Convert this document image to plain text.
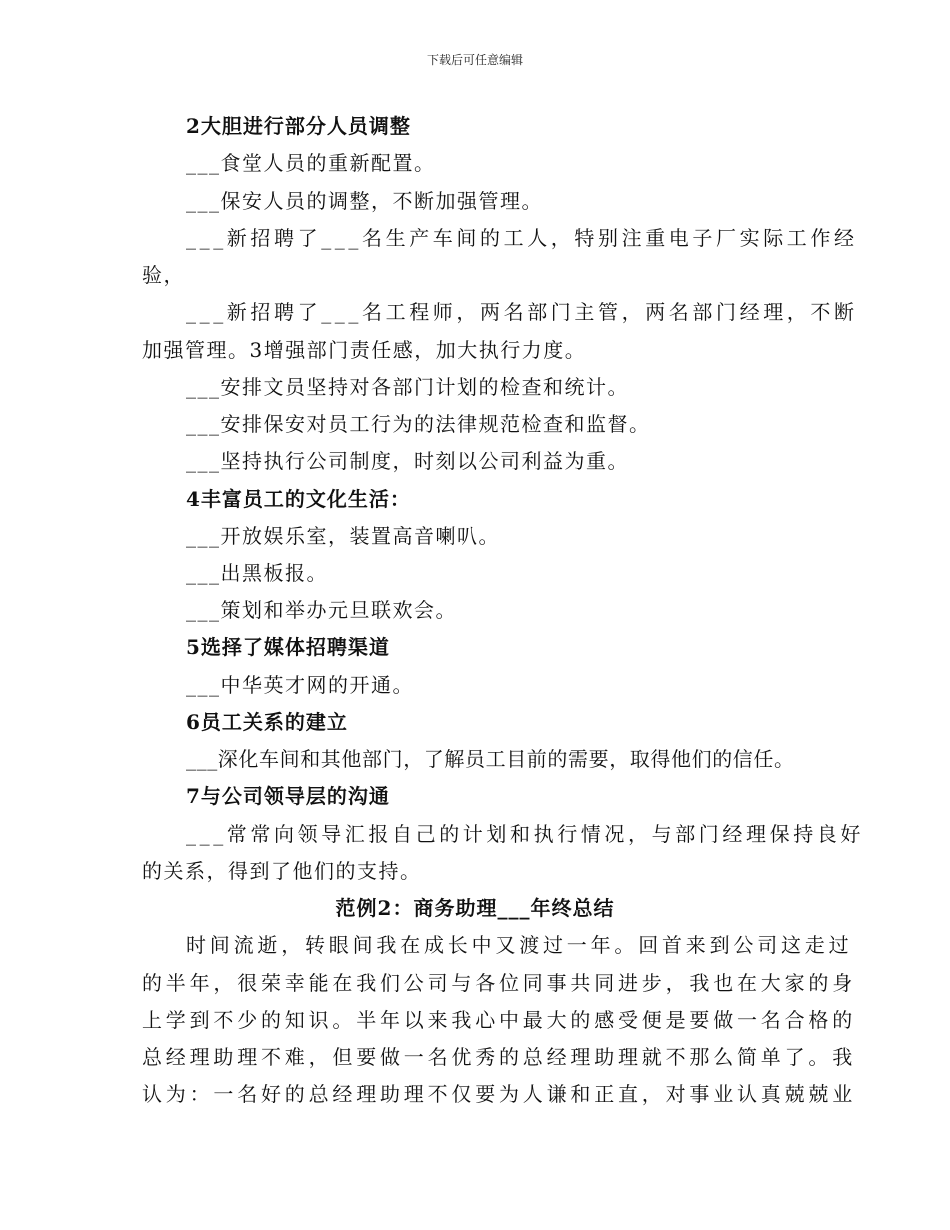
下载后可任意编辑
2大胆进行部分人员调整
___食堂人员的重新配置。
___保安人员的调整，不断加强管理。
___新招聘了___名生产车间的工人，特别注重电子厂实际工作经
验，
___新招聘了___名工程师，两名部门主管，两名部门经理，不断
加强管理。3增强部门责任感，加大执行力度。
___安排文员坚持对各部门计划的检查和统计。
___安排保安对员工行为的法律规范检查和监督。
___坚持执行公司制度，时刻以公司利益为重。
4丰富员工的文化生活：
___开放娱乐室，装置高音喇叭。
___出黑板报。
___策划和举办元旦联欢会。
5选择了媒体招聘渠道
___中华英才网的开通。
6员工关系的建立
___深化车间和其他部门，了解员工目前的需要，取得他们的信任。
7与公司领导层的沟通
___常常向领导汇报自己的计划和执行情况，与部门经理保持良好
的关系，得到了他们的支持。
范例2：商务助理___年终总结
时间流逝，转眼间我在成长中又渡过一年。回首来到公司这走过
的半年，很荣幸能在我们公司与各位同事共同进步，我也在大家的身
上学到不少的知识。半年以来我心中最大的感受便是要做一名合格的
总经理助理不难，但要做一名优秀的总经理助理就不那么简单了。我
认为：一名好的总经理助理不仅要为人谦和正直，对事业认真兢兢业
